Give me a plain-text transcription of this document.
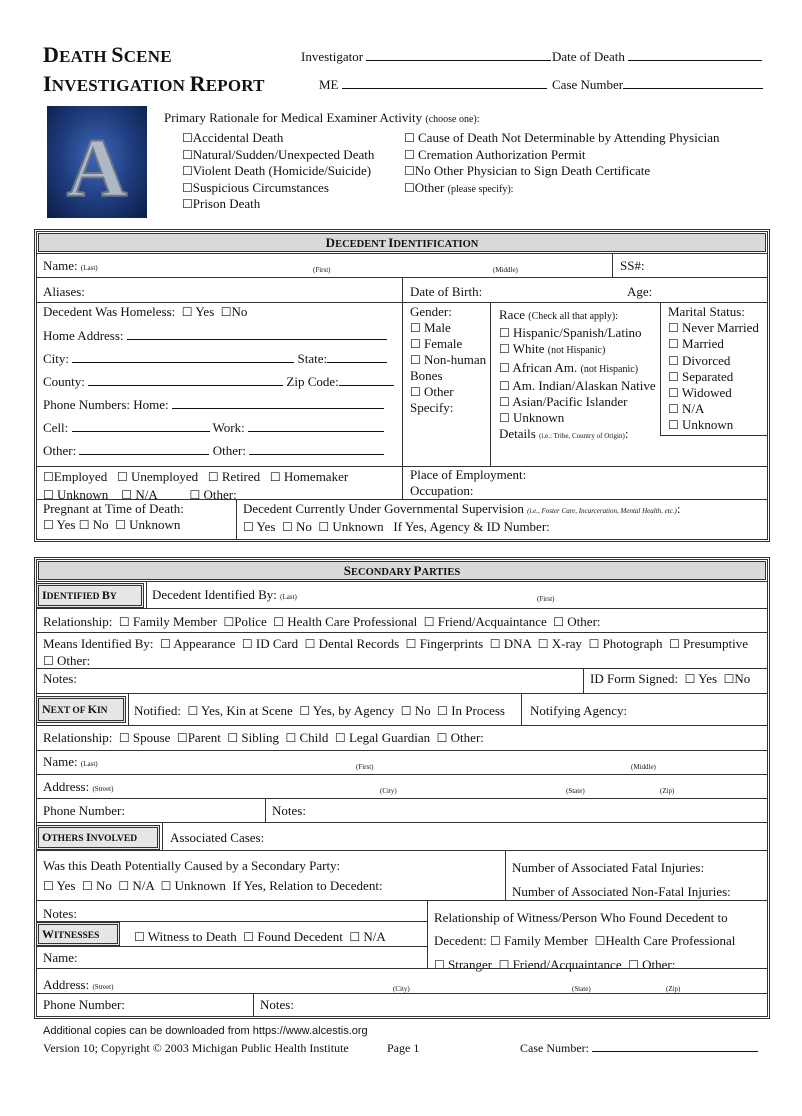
DEATH SCENE
INVESTIGATION REPORT
Investigator	Date of Death
ME	Case Number
A
Primary Rationale for Medical Examiner Activity (choose one):
☐Accidental Death
☐Natural/Sudden/Unexpected Death
☐Violent Death (Homicide/Suicide)
☐Suspicious Circumstances
☐Prison Death
☐ Cause of Death Not Determinable by Attending Physician
☐ Cremation Authorization Permit
☐No Other Physician to Sign Death Certificate
☐Other (please specify):
DECEDENT IDENTIFICATION
Name: (Last)	(First)	(Middle)	SS#:
Aliases:	Date of Birth:	Age:
Decedent Was Homeless: ☐ Yes ☐No
Home Address:
City:	State:
County:	Zip Code:
Phone Numbers: Home:
Cell:	Work:
Other:	Other:
Gender:
☐ Male
☐ Female
☐ Non-human
Bones
☐ Other
Specify:
Race (Check all that apply):
☐ Hispanic/Spanish/Latino
☐ White (not Hispanic)
☐ African Am. (not Hispanic)
☐ Am. Indian/Alaskan Native
☐ Asian/Pacific Islander
☐ Unknown
Details (i.e.: Tribe, Country of Origin):
Marital Status:
☐ Never Married
☐ Married
☐ Divorced
☐ Separated
☐ Widowed
☐ N/A
☐ Unknown
☐Employed ☐ Unemployed ☐ Retired ☐ Homemaker
☐ Unknown ☐ N/A	☐ Other:
Place of Employment:
Occupation:
Pregnant at Time of Death:
☐ Yes ☐ No ☐ Unknown
Decedent Currently Under Governmental Supervision (i.e., Foster Care, Incarceration, Mental Health, etc.):
☐ Yes ☐ No ☐ Unknown If Yes, Agency & ID Number:
SECONDARY PARTIES
IDENTIFIED BY	Decedent Identified By: (Last)	(First)
Relationship: ☐ Family Member ☐Police ☐ Health Care Professional ☐ Friend/Acquaintance ☐ Other:
Means Identified By: ☐ Appearance ☐ ID Card ☐ Dental Records ☐ Fingerprints ☐ DNA ☐ X-ray ☐ Photograph ☐ Presumptive
☐ Other:
Notes:	ID Form Signed: ☐ Yes ☐No
NEXT OF KIN	Notified: ☐ Yes, Kin at Scene ☐ Yes, by Agency ☐ No ☐ In Process Notifying Agency:
Relationship: ☐ Spouse ☐Parent ☐ Sibling ☐ Child ☐ Legal Guardian ☐ Other:
Name: (Last)	(First)	(Middle)
Address: (Street)	(City)	(State)	(Zip)
Phone Number:	Notes:
OTHERS INVOLVED	Associated Cases:
Was this Death Potentially Caused by a Secondary Party:
☐ Yes ☐ No ☐ N/A ☐ Unknown If Yes, Relation to Decedent:
Number of Associated Fatal Injuries:
Number of Associated Non-Fatal Injuries:
Notes:
WITNESSES	☐ Witness to Death ☐ Found Decedent ☐ N/A
Name:
Relationship of Witness/Person Who Found Decedent to
Decedent: ☐ Family Member ☐Health Care Professional
☐ Stranger ☐ Friend/Acquaintance ☐ Other:
Address: (Street)	(City)	(State)	(Zip)
Phone Number:	Notes:
Additional copies can be downloaded from https://www.alcestis.org
Version 10; Copyright © 2003 Michigan Public Health Institute	Page 1	Case Number:
